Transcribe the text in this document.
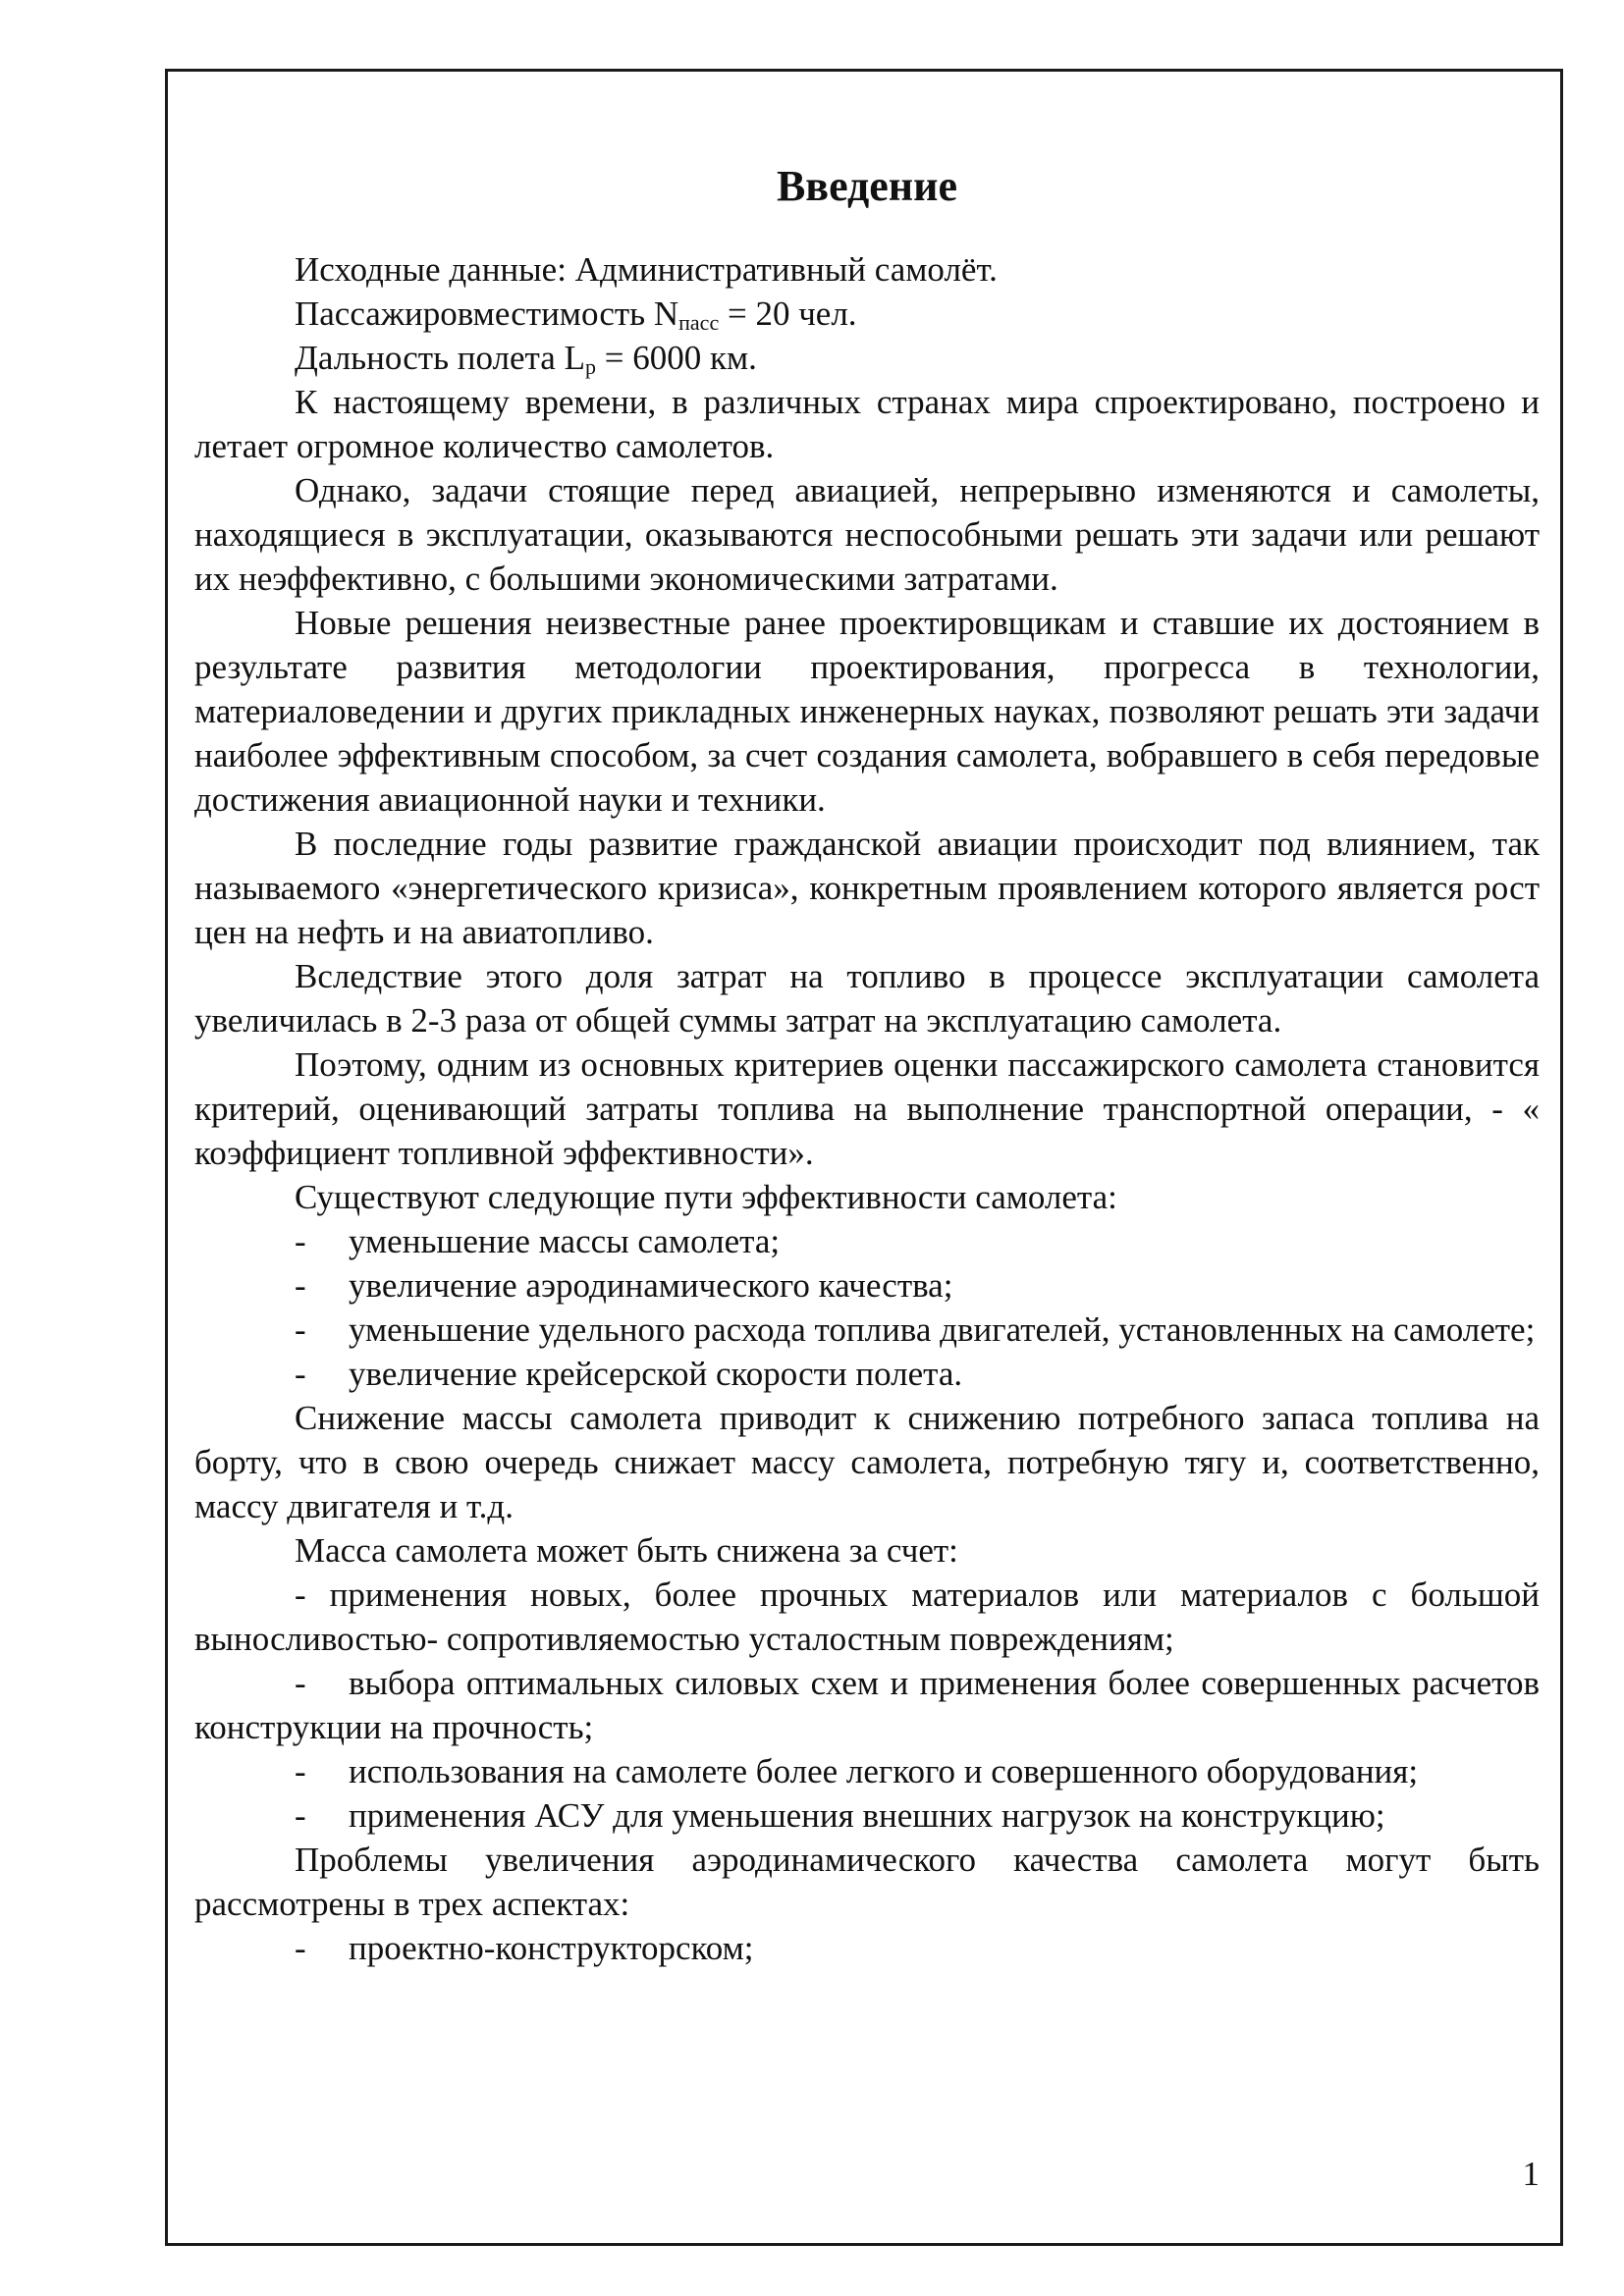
Введение

Исходные данные: Административный самолёт.

Пассажировместимость $N_{пасс} = 20$ чел.

Дальность полета $L_р = 6000$ км.

К настоящему времени, в различных странах мира спроектировано, построено и летает огромное количество самолетов.

Однако, задачи стоящие перед авиацией, непрерывно изменяются и самолеты, находящиеся в эксплуатации, оказываются неспособными решать эти задачи или решают их неэффективно, с большими экономическими затратами.

Новые решения неизвестные ранее проектировщикам и ставшие их достоянием в результате развития методологии проектирования, прогресса в технологии, материаловедении и других прикладных инженерных науках, позволяют решать эти задачи наиболее эффективным способом, за счет создания самолета, вобравшего в себя передовые достижения авиационной науки и техники.

В последние годы развитие гражданской авиации происходит под влиянием, так называемого «энергетического кризиса», конкретным проявлением которого является рост цен на нефть и на авиатопливо.

Вследствие этого доля затрат на топливо в процессе эксплуатации самолета увеличилась в 2-3 раза от общей суммы затрат на эксплуатацию самолета.

Поэтому, одним из основных критериев оценки пассажирского самолета становится критерий, оценивающий затраты топлива на выполнение транспортной операции, - « коэффициент топливной эффективности».

Существуют следующие пути эффективности самолета:

- уменьшение массы самолета;

- увеличение аэродинамического качества;

- уменьшение удельного расхода топлива двигателей, установленных на самолете;

- увеличение крейсерской скорости полета.

Снижение массы самолета приводит к снижению потребного запаса топлива на борту, что в свою очередь снижает массу самолета, потребную тягу и, соответственно, массу двигателя и т.д.

Масса самолета может быть снижена за счет:

- применения новых, более прочных материалов или материалов с большой выносливостью- сопротивляемостью усталостным повреждениям;

- выбора оптимальных силовых схем и применения более совершенных расчетов конструкции на прочность;

- использования на самолете более легкого и совершенного оборудования;

- применения АСУ для уменьшения внешних нагрузок на конструкцию;

Проблемы увеличения аэродинамического качества самолета могут быть рассмотрены в трех аспектах:

- проектно-конструкторском;

1
